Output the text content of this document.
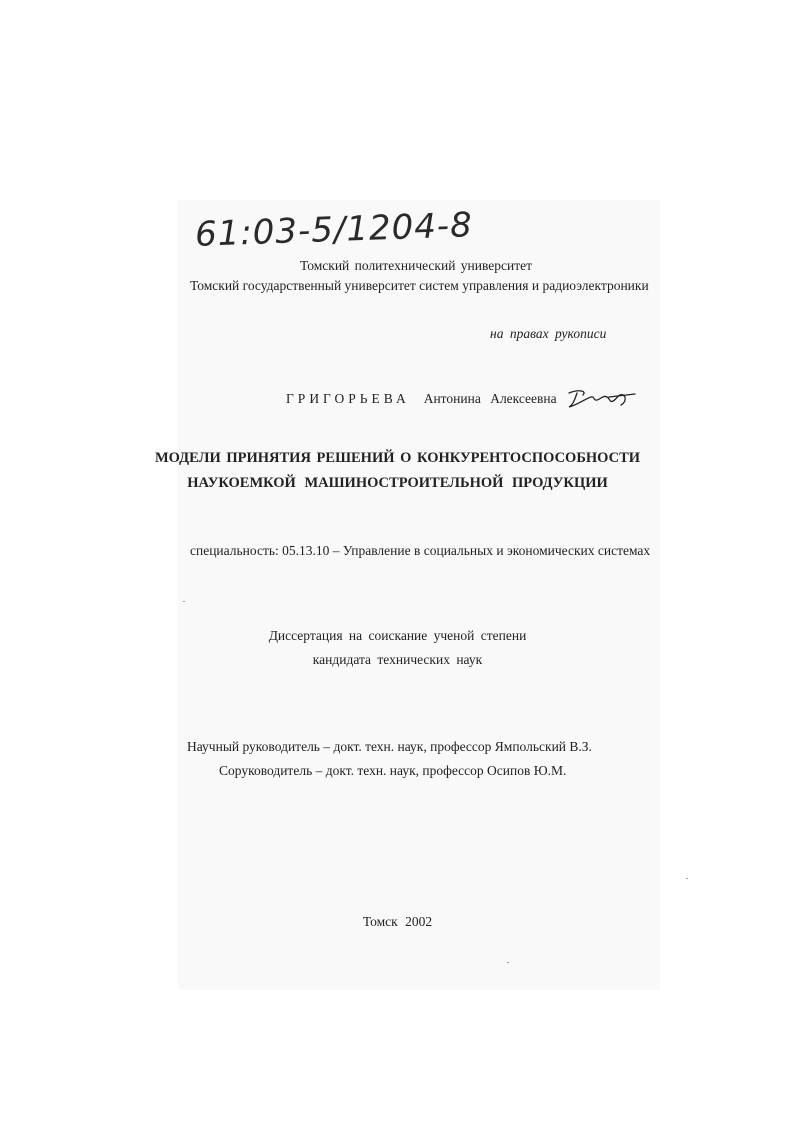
61:03-5/1204-8
Томский политехнический университет
Томский государственный университет систем управления и радиоэлектроники
на правах рукописи
ГРИГОРЬЕВА Антонина Алексеевна
МОДЕЛИ ПРИНЯТИЯ РЕШЕНИЙ О КОНКУРЕНТОСПОСОБНОСТИ
НАУКОЕМКОЙ МАШИНОСТРОИТЕЛЬНОЙ ПРОДУКЦИИ
специальность: 05.13.10 – Управление в социальных и экономических системах
Диссертация на соискание ученой степени
кандидата технических наук
Научный руководитель – докт. техн. наук, профессор Ямпольский В.З.
Соруководитель – докт. техн. наук, профессор Осипов Ю.М.
Томск 2002
